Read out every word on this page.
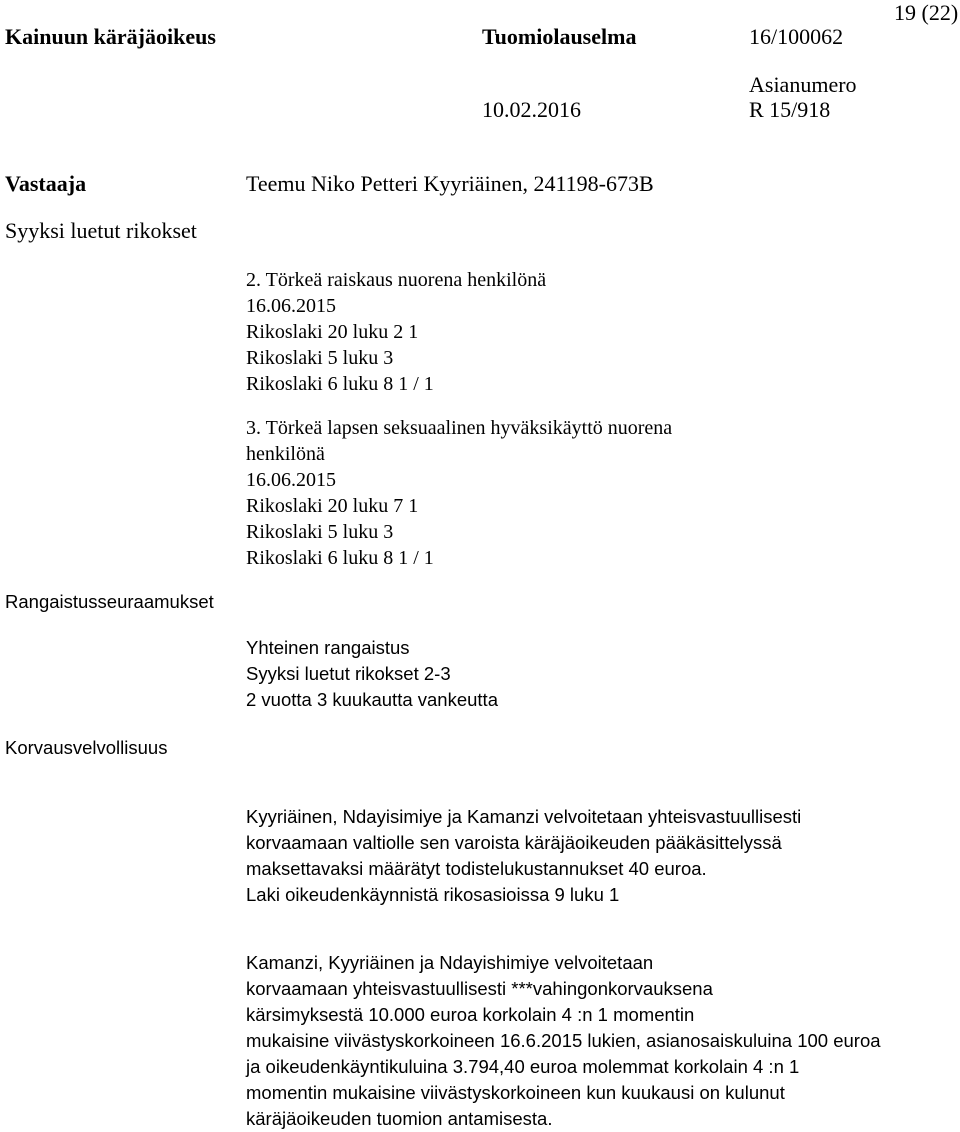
Kainuun käräjäoikeus	Tuomiolauselma	16/100062
19 (22)
Asianumero
10.02.2016	R 15/918
Vastaaja	Teemu Niko Petteri Kyyriäinen, 241198-673B
Syyksi luetut rikokset
2. Törkeä raiskaus nuorena henkilönä
16.06.2015
Rikoslaki 20 luku 2 1
Rikoslaki 5 luku 3
Rikoslaki 6 luku 8 1 / 1
3. Törkeä lapsen seksuaalinen hyväksikäyttö nuorena
henkilönä
16.06.2015
Rikoslaki 20 luku 7 1
Rikoslaki 5 luku 3
Rikoslaki 6 luku 8 1 / 1
Rangaistusseuraamukset
Yhteinen rangaistus
Syyksi luetut rikokset 2-3
2 vuotta 3 kuukautta vankeutta
Korvausvelvollisuus
Kyyriäinen, Ndayisimiye ja Kamanzi velvoitetaan yhteisvastuullisesti
korvaamaan valtiolle sen varoista käräjäoikeuden pääkäsittelyssä
maksettavaksi määrätyt todistelukustannukset 40 euroa.
Laki oikeudenkäynnistä rikosasioissa 9 luku 1
Kamanzi, Kyyriäinen ja Ndayishimiye velvoitetaan
korvaamaan yhteisvastuullisesti ***vahingonkorvauksena
kärsimyksestä 10.000 euroa korkolain 4 :n 1 momentin
mukaisine viivästyskorkoineen 16.6.2015 lukien, asianosaiskuluina 100 euroa
ja oikeudenkäyntikuluina 3.794,40 euroa molemmat korkolain 4 :n 1
momentin mukaisine viivästyskorkoineen kun kuukausi on kulunut
käräjäoikeuden tuomion antamisesta.
